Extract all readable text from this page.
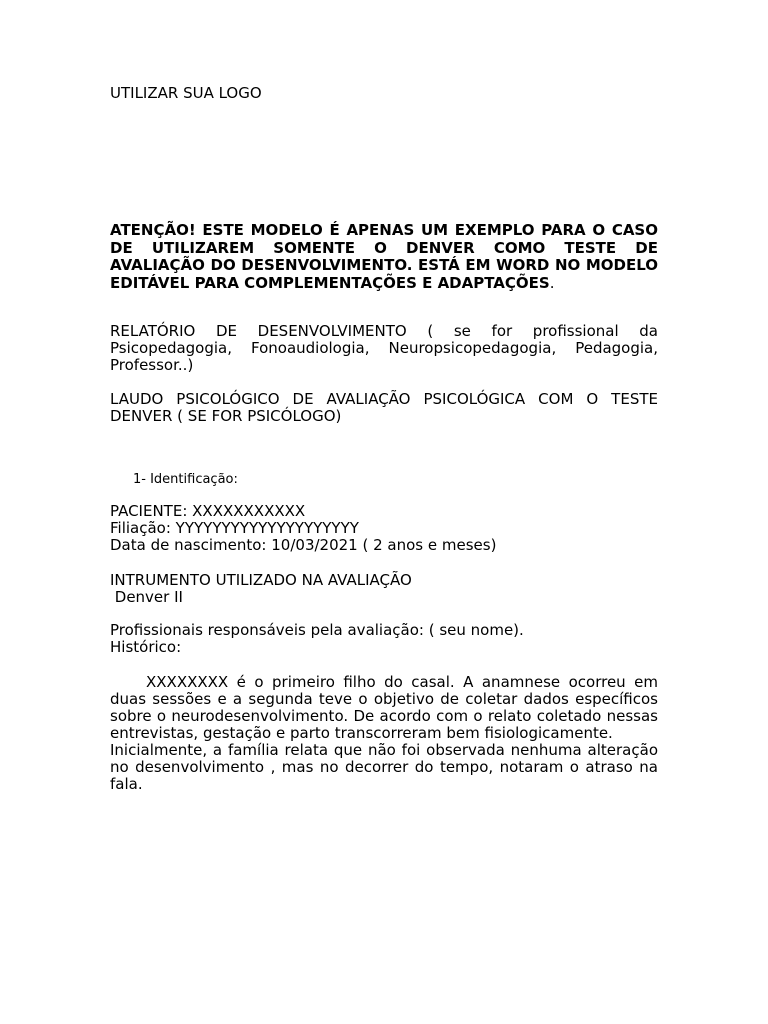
UTILIZAR SUA LOGO

ATENÇÃO! ESTE MODELO É APENAS UM EXEMPLO PARA O CASO DE UTILIZAREM SOMENTE O DENVER COMO TESTE DE AVALIAÇÃO DO DESENVOLVIMENTO. ESTÁ EM WORD NO MODELO EDITÁVEL PARA COMPLEMENTAÇÕES E ADAPTAÇÕES.

RELATÓRIO DE DESENVOLVIMENTO ( se for profissional da Psicopedagogia, Fonoaudiologia, Neuropsicopedagogia, Pedagogia, Professor..)

LAUDO PSICOLÓGICO DE AVALIAÇÃO PSICOLÓGICA COM O TESTE DENVER ( SE FOR PSICÓLOGO)

1- Identificação:

PACIENTE: XXXXXXXXXXX
Filiação: YYYYYYYYYYYYYYYYYYYY
Data de nascimento: 10/03/2021 ( 2 anos e meses)
INTRUMENTO UTILIZADO NA AVALIAÇÃO
Denver II
Profissionais responsáveis pela avaliação: ( seu nome).
Histórico:
XXXXXXXX é o primeiro filho do casal. A anamnese ocorreu em duas sessões e a segunda teve o objetivo de coletar dados específicos sobre o neurodesenvolvimento. De acordo com o relato coletado nessas entrevistas, gestação e parto transcorreram bem fisiologicamente.
Inicialmente, a família relata que não foi observada nenhuma alteração no desenvolvimento , mas no decorrer do tempo, notaram o atraso na fala.
